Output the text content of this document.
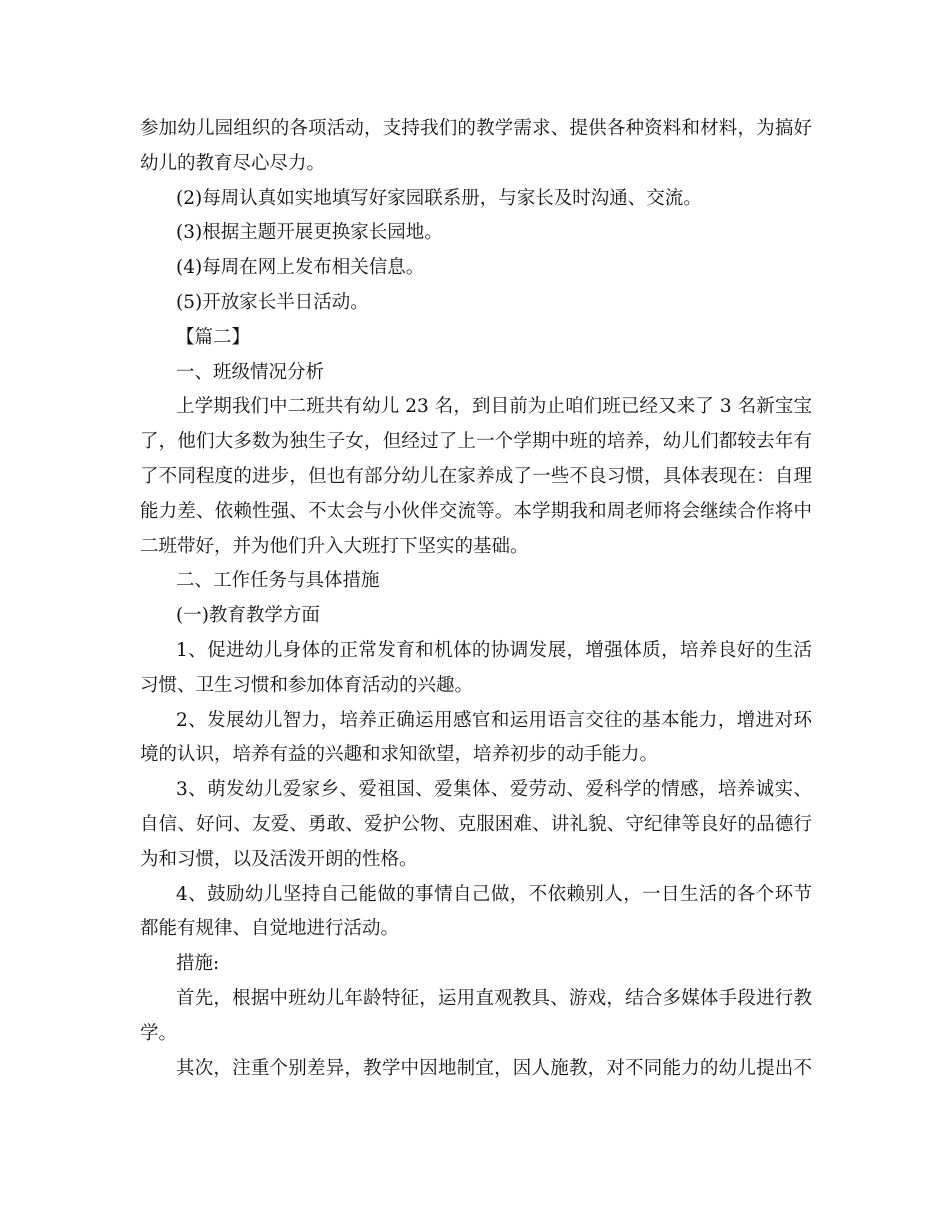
参加幼儿园组织的各项活动，支持我们的教学需求、提供各种资料和材料，为搞好
幼儿的教育尽心尽力。
(2)每周认真如实地填写好家园联系册，与家长及时沟通、交流。
(3)根据主题开展更换家长园地。
(4)每周在网上发布相关信息。
(5)开放家长半日活动。
【篇二】
一、班级情况分析
上学期我们中二班共有幼儿 23 名，到目前为止咱们班已经又来了 3 名新宝宝
了，他们大多数为独生子女，但经过了上一个学期中班的培养，幼儿们都较去年有
了不同程度的进步，但也有部分幼儿在家养成了一些不良习惯，具体表现在：自理
能力差、依赖性强、不太会与小伙伴交流等。本学期我和周老师将会继续合作将中
二班带好，并为他们升入大班打下坚实的基础。
二、工作任务与具体措施
(一)教育教学方面
1、促进幼儿身体的正常发育和机体的协调发展，增强体质，培养良好的生活
习惯、卫生习惯和参加体育活动的兴趣。
2、发展幼儿智力，培养正确运用感官和运用语言交往的基本能力，增进对环
境的认识，培养有益的兴趣和求知欲望，培养初步的动手能力。
3、萌发幼儿爱家乡、爱祖国、爱集体、爱劳动、爱科学的情感，培养诚实、
自信、好问、友爱、勇敢、爱护公物、克服困难、讲礼貌、守纪律等良好的品德行
为和习惯，以及活泼开朗的性格。
4、鼓励幼儿坚持自己能做的事情自己做，不依赖别人，一日生活的各个环节
都能有规律、自觉地进行活动。
措施:
首先，根据中班幼儿年龄特征，运用直观教具、游戏，结合多媒体手段进行教
学。
其次，注重个别差异，教学中因地制宜，因人施教，对不同能力的幼儿提出不
